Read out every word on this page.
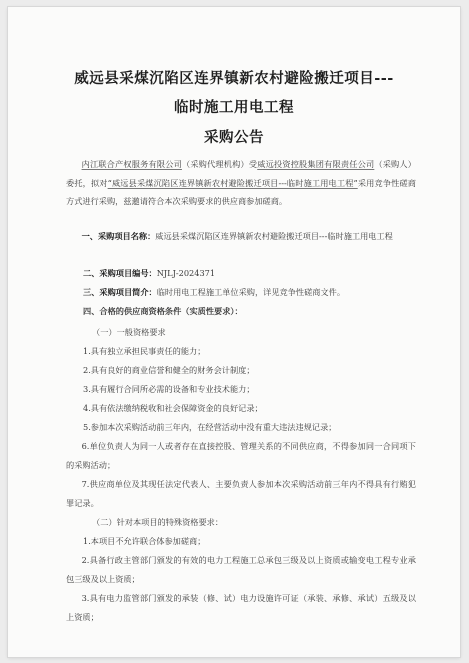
威远县采煤沉陷区连界镇新农村避险搬迁项目---
临时施工用电工程
采购公告
内江联合产权服务有限公司（采购代理机构）受威远投资控股集团有限责任公司（采购人）委托，拟对“威远县采煤沉陷区连界镇新农村避险搬迁项目---临时施工用电工程”采用竞争性磋商方式进行采购，兹邀请符合本次采购要求的供应商参加磋商。
一、采购项目名称：威远县采煤沉陷区连界镇新农村避险搬迁项目---临时施工用电工程
二、采购项目编号：NJLJ-2024371
三、采购项目简介：临时用电工程施工单位采购，详见竞争性磋商文件。
四、合格的供应商资格条件（实质性要求）：
（一）一般资格要求
1.具有独立承担民事责任的能力；
2.具有良好的商业信誉和健全的财务会计制度；
3.具有履行合同所必需的设备和专业技术能力；
4.具有依法缴纳税收和社会保障资金的良好记录；
5.参加本次采购活动前三年内，在经营活动中没有重大违法违规记录；
6.单位负责人为同一人或者存在直接控股、管理关系的不同供应商，不得参加同一合同项下的采购活动；
7.供应商单位及其现任法定代表人、主要负责人参加本次采购活动前三年内不得具有行贿犯罪记录。
（二）针对本项目的特殊资格要求：
1.本项目不允许联合体参加磋商；
2.具备行政主管部门颁发的有效的电力工程施工总承包三级及以上资质或输变电工程专业承包三级及以上资质；
3.具有电力监管部门颁发的承装（修、试）电力设施许可证（承装、承修、承试）五级及以上资质；
